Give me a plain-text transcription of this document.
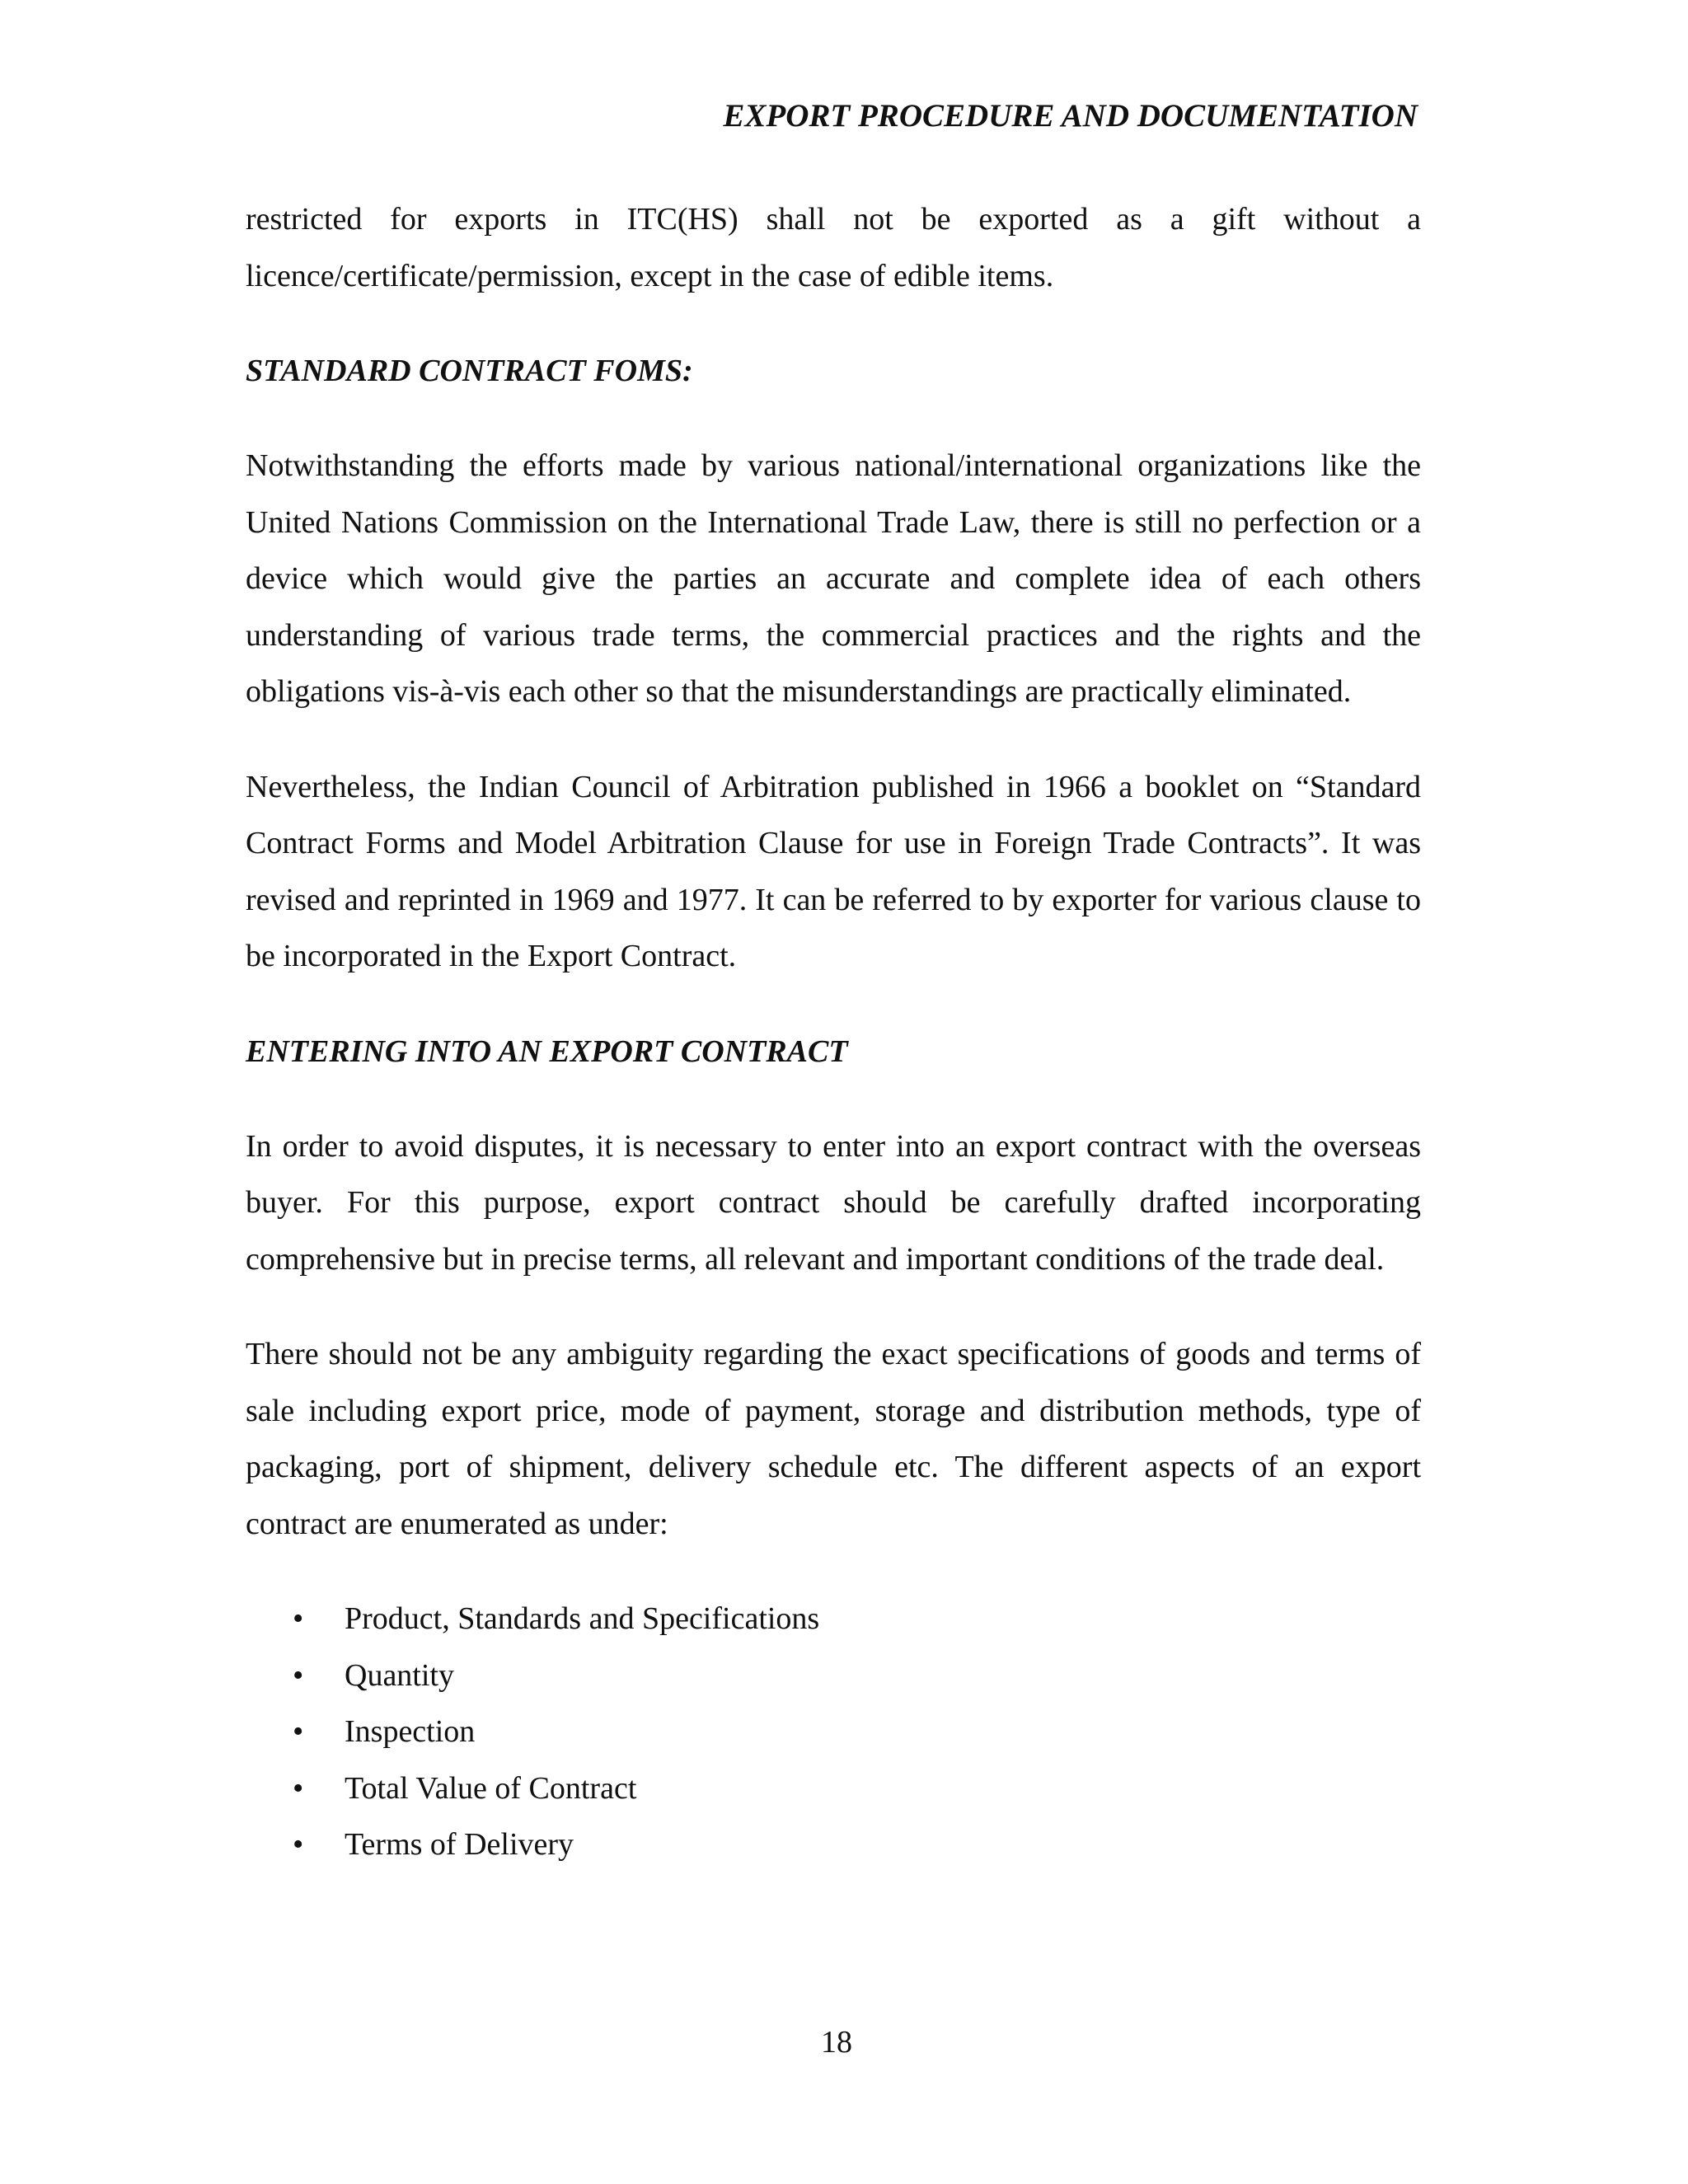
EXPORT PROCEDURE AND DOCUMENTATION

restricted for exports in ITC(HS) shall not be exported as a gift without a licence/certificate/permission, except in the case of edible items.

STANDARD CONTRACT FOMS:

Notwithstanding the efforts made by various national/international organizations like the United Nations Commission on the International Trade Law, there is still no perfection or a device which would give the parties an accurate and complete idea of each others understanding of various trade terms, the commercial practices and the rights and the obligations vis-à-vis each other so that the misunderstandings are practically eliminated.

Nevertheless, the Indian Council of Arbitration published in 1966 a booklet on “Standard Contract Forms and Model Arbitration Clause for use in Foreign Trade Contracts”. It was revised and reprinted in 1969 and 1977. It can be referred to by exporter for various clause to be incorporated in the Export Contract.

ENTERING INTO AN EXPORT CONTRACT

In order to avoid disputes, it is necessary to enter into an export contract with the overseas buyer. For this purpose, export contract should be carefully drafted incorporating comprehensive but in precise terms, all relevant and important conditions of the trade deal.

There should not be any ambiguity regarding the exact specifications of goods and terms of sale including export price, mode of payment, storage and distribution methods, type of packaging, port of shipment, delivery schedule etc. The different aspects of an export contract are enumerated as under:

• Product, Standards and Specifications
• Quantity
• Inspection
• Total Value of Contract
• Terms of Delivery
18
